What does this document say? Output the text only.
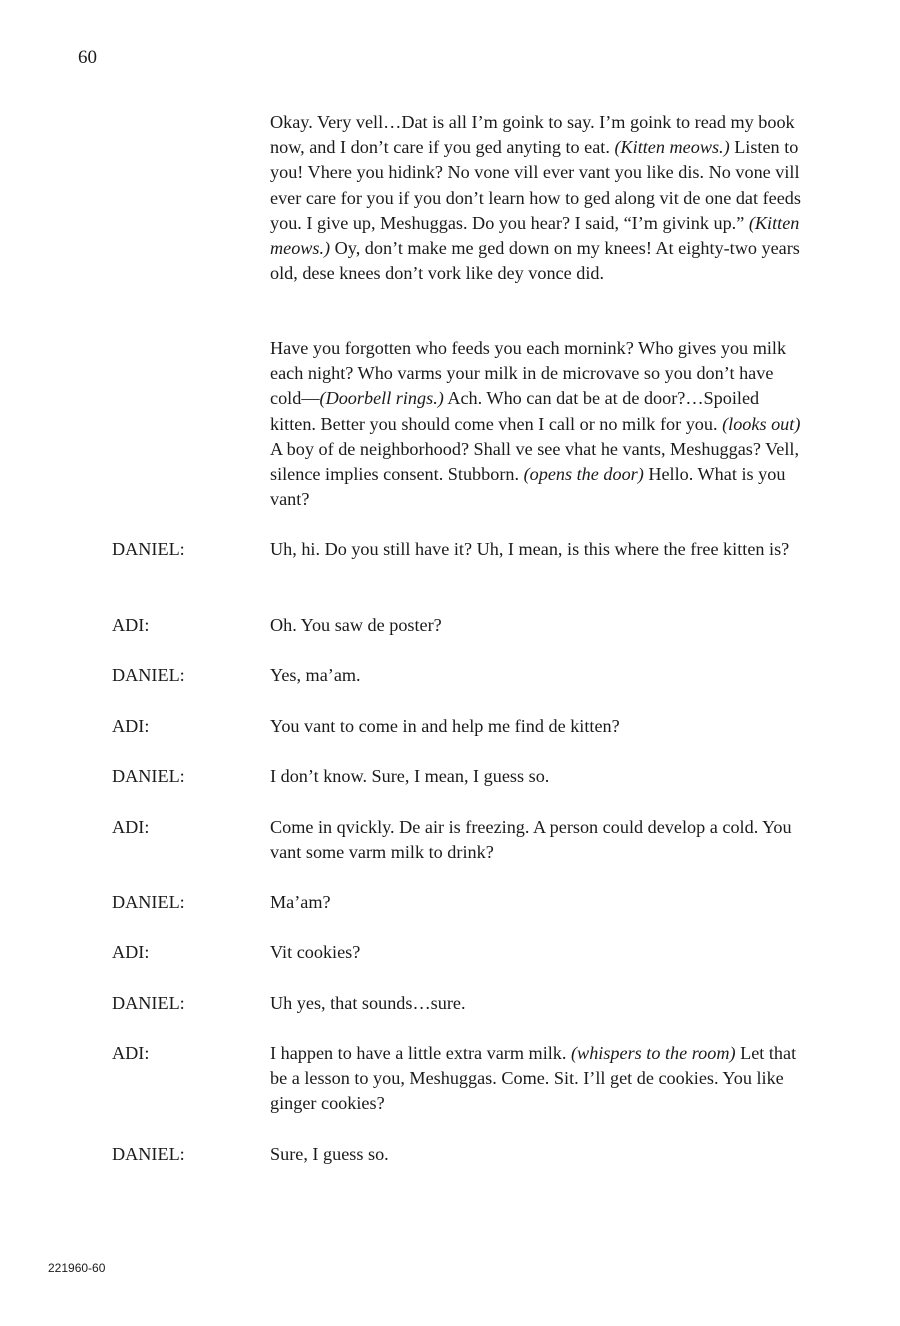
60
Okay. Very vell…Dat is all I’m goink to say. I’m goink to read my book now, and I don’t care if you ged anyting to eat. (Kitten meows.) Listen to you! Vhere you hidink? No vone vill ever vant you like dis. No vone vill ever care for you if you don’t learn how to ged along vit de one dat feeds you. I give up, Meshuggas. Do you hear? I said, “I’m givink up.” (Kitten meows.) Oy, don’t make me ged down on my knees! At eighty-two years old, dese knees don’t vork like dey vonce did.
Have you forgotten who feeds you each mornink? Who gives you milk each night? Who varms your milk in de microvave so you don’t have cold—(Doorbell rings.) Ach. Who can dat be at de door?…Spoiled kitten. Better you should come vhen I call or no milk for you. (looks out) A boy of de neighborhood? Shall ve see vhat he vants, Meshuggas? Vell, silence implies consent. Stubborn. (opens the door) Hello. What is you vant?
DANIEL:	Uh, hi. Do you still have it? Uh, I mean, is this where the free kitten is?
ADI:	Oh. You saw de poster?
DANIEL:	Yes, ma’am.
ADI:	You vant to come in and help me find de kitten?
DANIEL:	I don’t know. Sure, I mean, I guess so.
ADI:	Come in qvickly. De air is freezing. A person could develop a cold. You vant some varm milk to drink?
DANIEL:	Ma’am?
ADI:	Vit cookies?
DANIEL:	Uh yes, that sounds…sure.
ADI:	I happen to have a little extra varm milk. (whispers to the room) Let that be a lesson to you, Meshuggas. Come. Sit. I’ll get de cookies. You like ginger cookies?
DANIEL:	Sure, I guess so.
221960-60
